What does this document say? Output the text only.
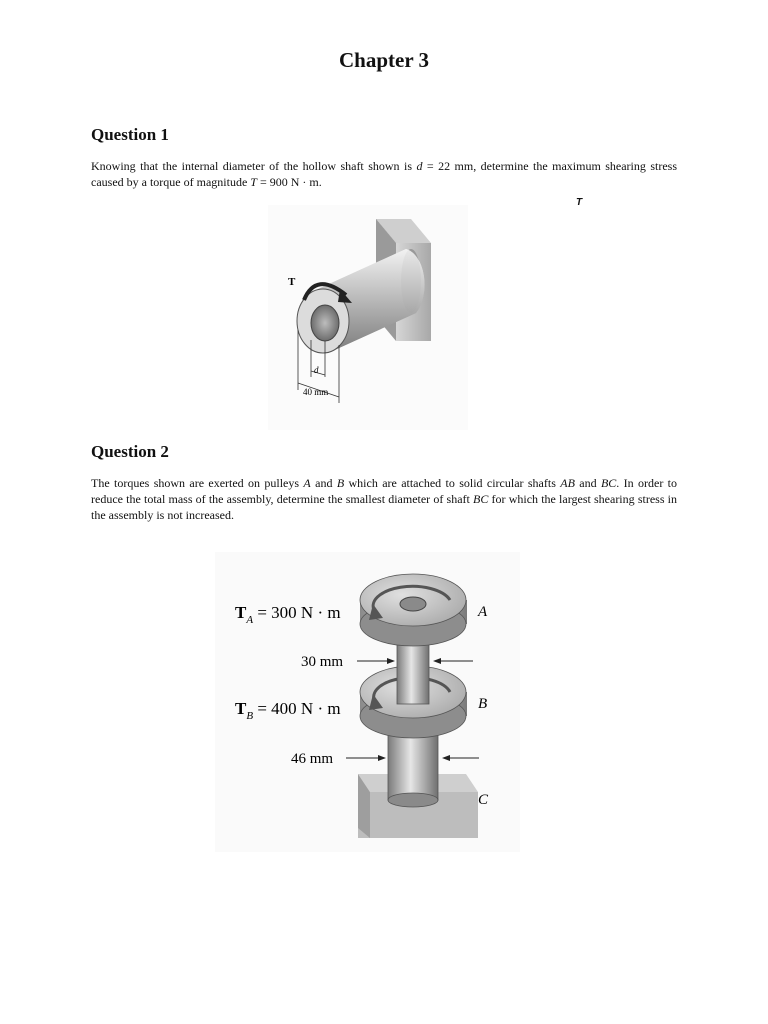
Chapter 3
Question 1
Knowing that the internal diameter of the hollow shaft shown is d = 22 mm, determine the maximum shearing stress caused by a torque of magnitude T = 900 N · m.
T
T
d
40 mm
Question 2
The torques shown are exerted on pulleys A and B which are attached to solid circular shafts AB and BC. In order to reduce the total mass of the assembly, determine the smallest diameter of shaft BC for which the largest shearing stress in the assembly is not increased.
$T_A = 300$ N · m
$T_B = 400$ N · m
30 mm
46 mm
A
B
C
